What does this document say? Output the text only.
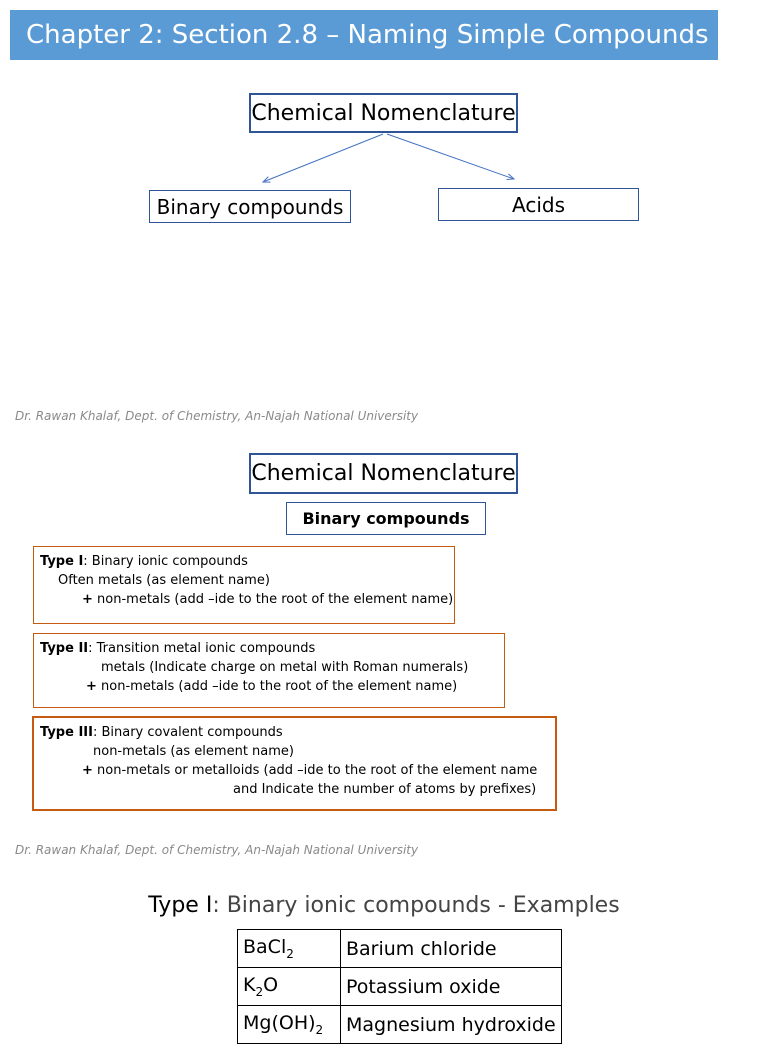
Chapter 2: Section 2.8 – Naming Simple Compounds
Chemical Nomenclature
Binary compounds	Acids
Dr. Rawan Khalaf, Dept. of Chemistry, An-Najah National University
Chemical Nomenclature
Binary compounds
Type I: Binary ionic compounds
Often metals (as element name)
+ non-metals (add –ide to the root of the element name)
Type II: Transition metal ionic compounds
metals (Indicate charge on metal with Roman numerals)
+ non-metals (add –ide to the root of the element name)
Type III: Binary covalent compounds
non-metals (as element name)
+ non-metals or metalloids (add –ide to the root of the element name
and Indicate the number of atoms by prefixes)
Dr. Rawan Khalaf, Dept. of Chemistry, An-Najah National University
Type I: Binary ionic compounds - Examples
BaCl$_2$	Barium chloride
$K_2O$	Potassium oxide
$Mg(OH)_2$	Magnesium hydroxide
